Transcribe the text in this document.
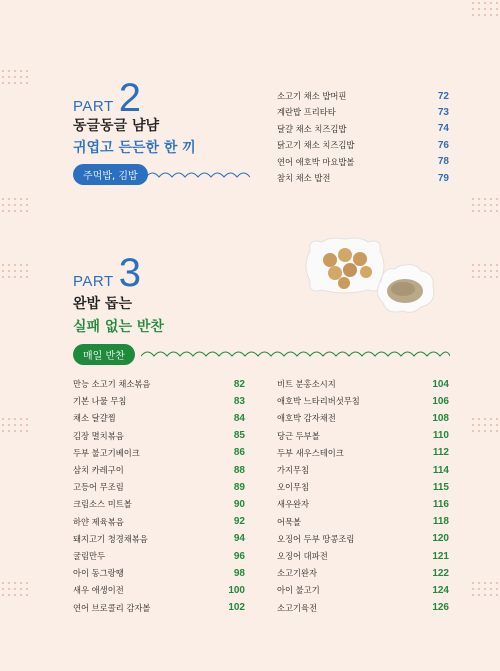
PART 2
동글동글 냠냠
귀엽고 든든한 한 끼
주먹밥, 김밥
소고기 채소 밥머핀	72
계란밥 프리타타	73
달걀 채소 치즈김밥	74
닭고기 채소 치즈김밥	76
연어 애호박 마요밥볼	78
참치 채소 밥전	79
PART 3
완밥 돕는
실패 없는 반찬
매일 반찬
만능 소고기 채소볶음	82
기본 나물 무침	83
채소 달걀찜	84
김장 멸치볶음	85
두부 불고기베이크	86
삼치 카레구이	88
고등어 무조림	89
크림소스 미트볼	90
하얀 제육볶음	92
돼지고기 청경채볶음	94
굴림만두	96
아이 동그랑땡	98
새우 애생이전	100
연어 브로콜리 감자볼	102
비트 분홍소시지	104
애호박 느타리버섯무침	106
애호박 감자채전	108
당근 두부볼	110
두부 새우스테이크	112
가지무침	114
오이무침	115
새우완자	116
어묵볼	118
오징어 두부 땅콩조림	120
오징어 대파전	121
소고기완자	122
아이 불고기	124
소고기육전	126
